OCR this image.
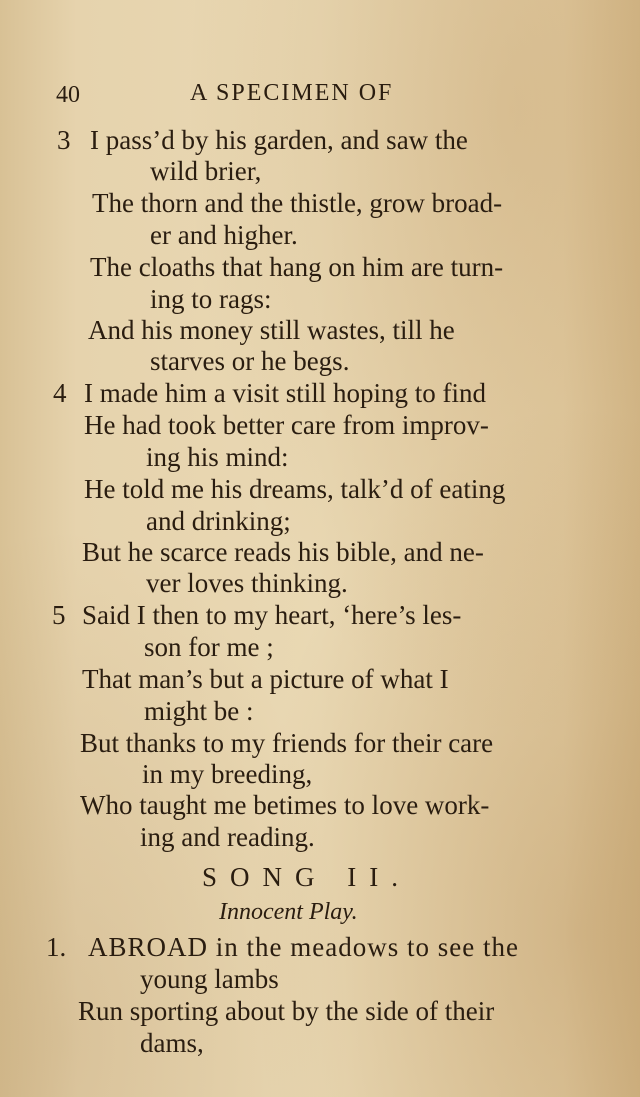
40	A SPECIMEN OF
3 I pass’d by his garden, and saw the
wild brier,
The thorn and the thistle, grow broad-
er and higher.
The cloaths that hang on him are turn-
ing to rags:
And his money still wastes, till he
starves or he begs.
4 I made him a visit still hoping to find
He had took better care from improv-
ing his mind:
He told me his dreams, talk’d of eating
and drinking;
But he scarce reads his bible, and ne-
ver loves thinking.
5 Said I then to my heart, ‘here’s les-
son for me ;
That man’s but a picture of what I
might be :
But thanks to my friends for their care
in my breeding,
Who taught me betimes to love work-
ing and reading.
SONG II.
Innocent Play.
1. ABROAD in the meadows to see the
young lambs
Run sporting about by the side of their
dams,
